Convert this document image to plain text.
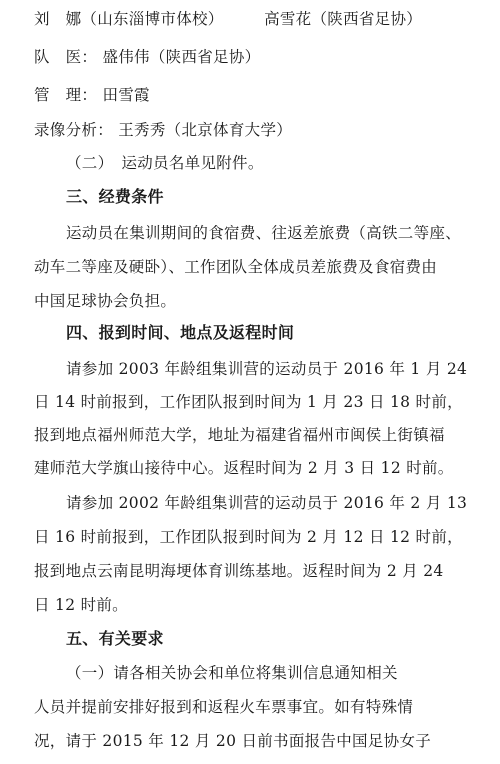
刘　娜（山东淄博市体校）	高雪花（陕西省足协）
队　医： 盛伟伟（陕西省足协）
管　理： 田雪霞
录像分析： 王秀秀（北京体育大学）
（二）　运动员名单见附件。
三、经费条件
运动员在集训期间的食宿费、往返差旅费（高铁二等座、
动车二等座及硬卧）、工作团队全体成员差旅费及食宿费由
中国足球协会负担。
四、报到时间、地点及返程时间
请参加 2003 年龄组集训营的运动员于 2016 年 1 月 24
日 14 时前报到，工作团队报到时间为 1 月 23 日 18 时前，
报到地点福州师范大学，地址为福建省福州市闽侯上街镇福
建师范大学旗山接待中心。返程时间为 2 月 3 日 12 时前。
请参加 2002 年龄组集训营的运动员于 2016 年 2 月 13
日 16 时前报到，工作团队报到时间为 2 月 12 日 12 时前，
报到地点云南昆明海埂体育训练基地。返程时间为 2 月 24
日 12 时前。
五、有关要求
（一）请各相关协会和单位将集训信息通知相关
人员并提前安排好报到和返程火车票事宜。如有特殊情
况，请于 2015 年 12 月 20 日前书面报告中国足协女子
